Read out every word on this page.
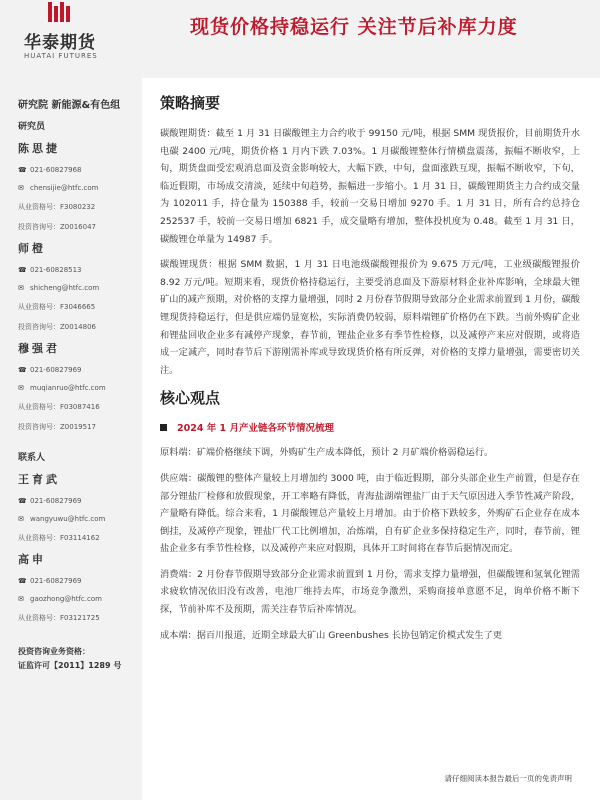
华泰期货
HUATAI FUTURES
现货价格持稳运行 关注节后补库力度
研究院 新能源&有色组
研究员
陈思捷
☎ 021-60827968
✉ chensijie@htfc.com
从业资格号：F3080232
投资咨询号：Z0016047
师橙
☎ 021-60828513
✉ shicheng@htfc.com
从业资格号：F3046665
投资咨询号：Z0014806
穆强君
☎ 021-60827969
✉ muqianruo@htfc.com
从业资格号：F03087416
投资咨询号：Z0019517
联系人
王育武
☎ 021-60827969
✉ wangyuwu@htfc.com
从业资格号：F03114162
高申
☎ 021-60827969
✉ gaozhong@htfc.com
从业资格号：F03121725
投资咨询业务资格：
证监许可【2011】1289 号
策略摘要

碳酸锂期货：截至 1 月 31 日碳酸锂主力合约收于 99150 元/吨，根据 SMM 现货报价，目前期货升水电碳 2400 元/吨，期货价格 1 月内下跌 7.03%。1 月碳酸锂整体行情横盘震荡，振幅不断收窄，上旬，期货盘面受宏观消息面及资金影响较大，大幅下跌，中旬，盘面涨跌互现，振幅不断收窄，下旬，临近假期，市场成交清淡，延续中旬趋势，振幅进一步缩小。1 月 31 日，碳酸锂期货主力合约成交量为 102011 手，持仓量为 150388 手，较前一交易日增加 9270 手。1 月 31 日，所有合约总持仓 252537 手，较前一交易日增加 6821 手，成交量略有增加，整体投机度为 0.48。截至 1 月 31 日，碳酸锂仓单量为 14987 手。

碳酸锂现货：根据 SMM 数据，1 月 31 日电池级碳酸锂报价为 9.675 万元/吨，工业级碳酸锂报价 8.92 万元/吨。短期来看，现货价格持稳运行，主要受消息面及下游原材料企业补库影响，全球最大锂矿山的减产预期，对价格的支撑力量增强，同时 2 月份春节假期导致部分企业需求前置到 1 月份，碳酸锂现货持稳运行，但是供应端仍显宽松，实际消费仍较弱，原料端锂矿价格仍在下跌。当前外购矿企业和锂盐回收企业多有减停产现象，春节前，锂盐企业多有季节性检修，以及减停产来应对假期，或将造成一定减产，同时春节后下游刚需补库或导致现货价格有所反弹，对价格的支撑力量增强，需要密切关注。

核心观点
2024 年 1 月产业链各环节情况梳理

原料端：矿端价格继续下调，外购矿生产成本降低，预计 2 月矿端价格弱稳运行。

供应端：碳酸锂的整体产量较上月增加约 3000 吨，由于临近假期，部分头部企业生产前置，但是存在部分锂盐厂检修和放假现象，开工率略有降低，青海盐湖端锂盐厂由于天气原因进入季节性减产阶段，产量略有降低。综合来看，1 月碳酸锂总产量较上月增加。由于价格下跌较多，外购矿石企业存在成本倒挂，及减停产现象，锂盐厂代工比例增加，冶炼端，自有矿企业多保持稳定生产，同时，春节前，锂盐企业多有季节性检修，以及减停产来应对假期，具体开工时间将在春节后据情况而定。

消费端：2 月份春节假期导致部分企业需求前置到 1 月份，需求支撑力量增强，但碳酸锂和氢氧化锂需求疲软情况依旧没有改善，电池厂维持去库，市场竞争激烈，采购商接单意愿不足，询单价格不断下探，节前补库不及预期，需关注春节后补库情况。

成本端：据百川报道，近期全球最大矿山 Greenbushes 长协包销定价模式发生了更

请仔细阅读本报告最后一页的免责声明
